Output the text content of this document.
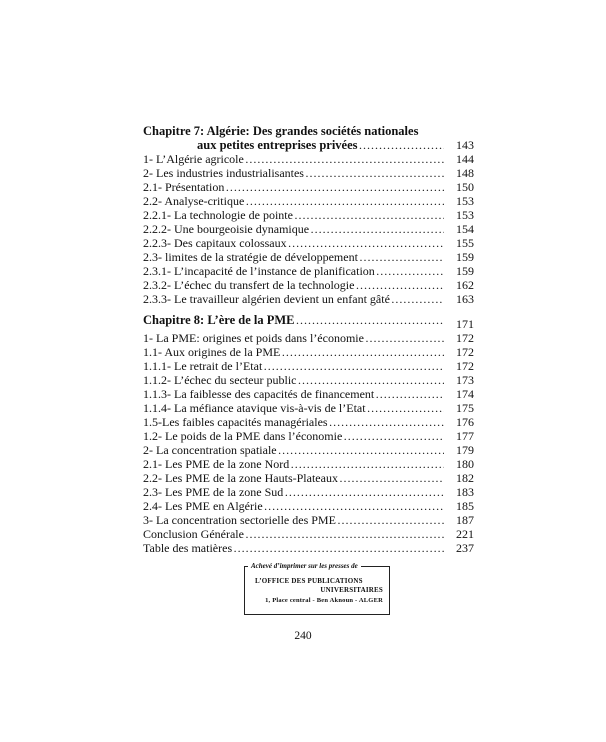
Chapitre 7: Algérie: Des grandes sociétés nationales
aux petites entreprises privées ……………………………………………………………………………………………………………………	143
1- L’Algérie agricole ……………………………………………………………………………………………………………………	144
2- Les industries industrialisantes ……………………………………………………………………………………………………………………	148
2.1- Présentation ……………………………………………………………………………………………………………………	150
2.2- Analyse-critique ……………………………………………………………………………………………………………………	153
2.2.1- La technologie de pointe ……………………………………………………………………………………………………………………	153
2.2.2- Une bourgeoisie dynamique ……………………………………………………………………………………………………………………	154
2.2.3- Des capitaux colossaux ……………………………………………………………………………………………………………………	155
2.3- limites de la stratégie de développement ……………………………………………………………………………………………………………………	159
2.3.1- L’incapacité de l’instance de planification ……………………………………………………………………………………………………………………	159
2.3.2- L’échec du transfert de la technologie ……………………………………………………………………………………………………………………	162
2.3.3- Le travailleur algérien devient un enfant gâté ……………………………………………………………………………………………………………………	163
Chapitre 8: L’ère de la PME ……………………………………………………………………………………………………………………	171
1- La PME: origines et poids dans l’économie ……………………………………………………………………………………………………………………	172
1.1- Aux origines de la PME ……………………………………………………………………………………………………………………	172
1.1.1- Le retrait de l’Etat ……………………………………………………………………………………………………………………	172
1.1.2- L’échec du secteur public ……………………………………………………………………………………………………………………	173
1.1.3- La faiblesse des capacités de financement ……………………………………………………………………………………………………………………	174
1.1.4- La méfiance atavique vis-à-vis de l’Etat ……………………………………………………………………………………………………………………	175
1.5-Les faibles capacités managériales ……………………………………………………………………………………………………………………	176
1.2- Le poids de la PME dans l’économie ……………………………………………………………………………………………………………………	177
2- La concentration spatiale ……………………………………………………………………………………………………………………	179
2.1- Les PME de la zone Nord ……………………………………………………………………………………………………………………	180
2.2- Les PME de la zone Hauts-Plateaux ……………………………………………………………………………………………………………………	182
2.3- Les PME de la zone Sud ……………………………………………………………………………………………………………………	183
2.4- Les PME en Algérie ……………………………………………………………………………………………………………………	185
3- La concentration sectorielle des PME ……………………………………………………………………………………………………………………	187
Conclusion Générale ……………………………………………………………………………………………………………………	221
Table des matières ……………………………………………………………………………………………………………………	237
Achevé d’imprimer sur les presses de
L’OFFICE DES PUBLICATIONS
UNIVERSITAIRES
1, Place central - Ben Aknoun - ALGER
240
